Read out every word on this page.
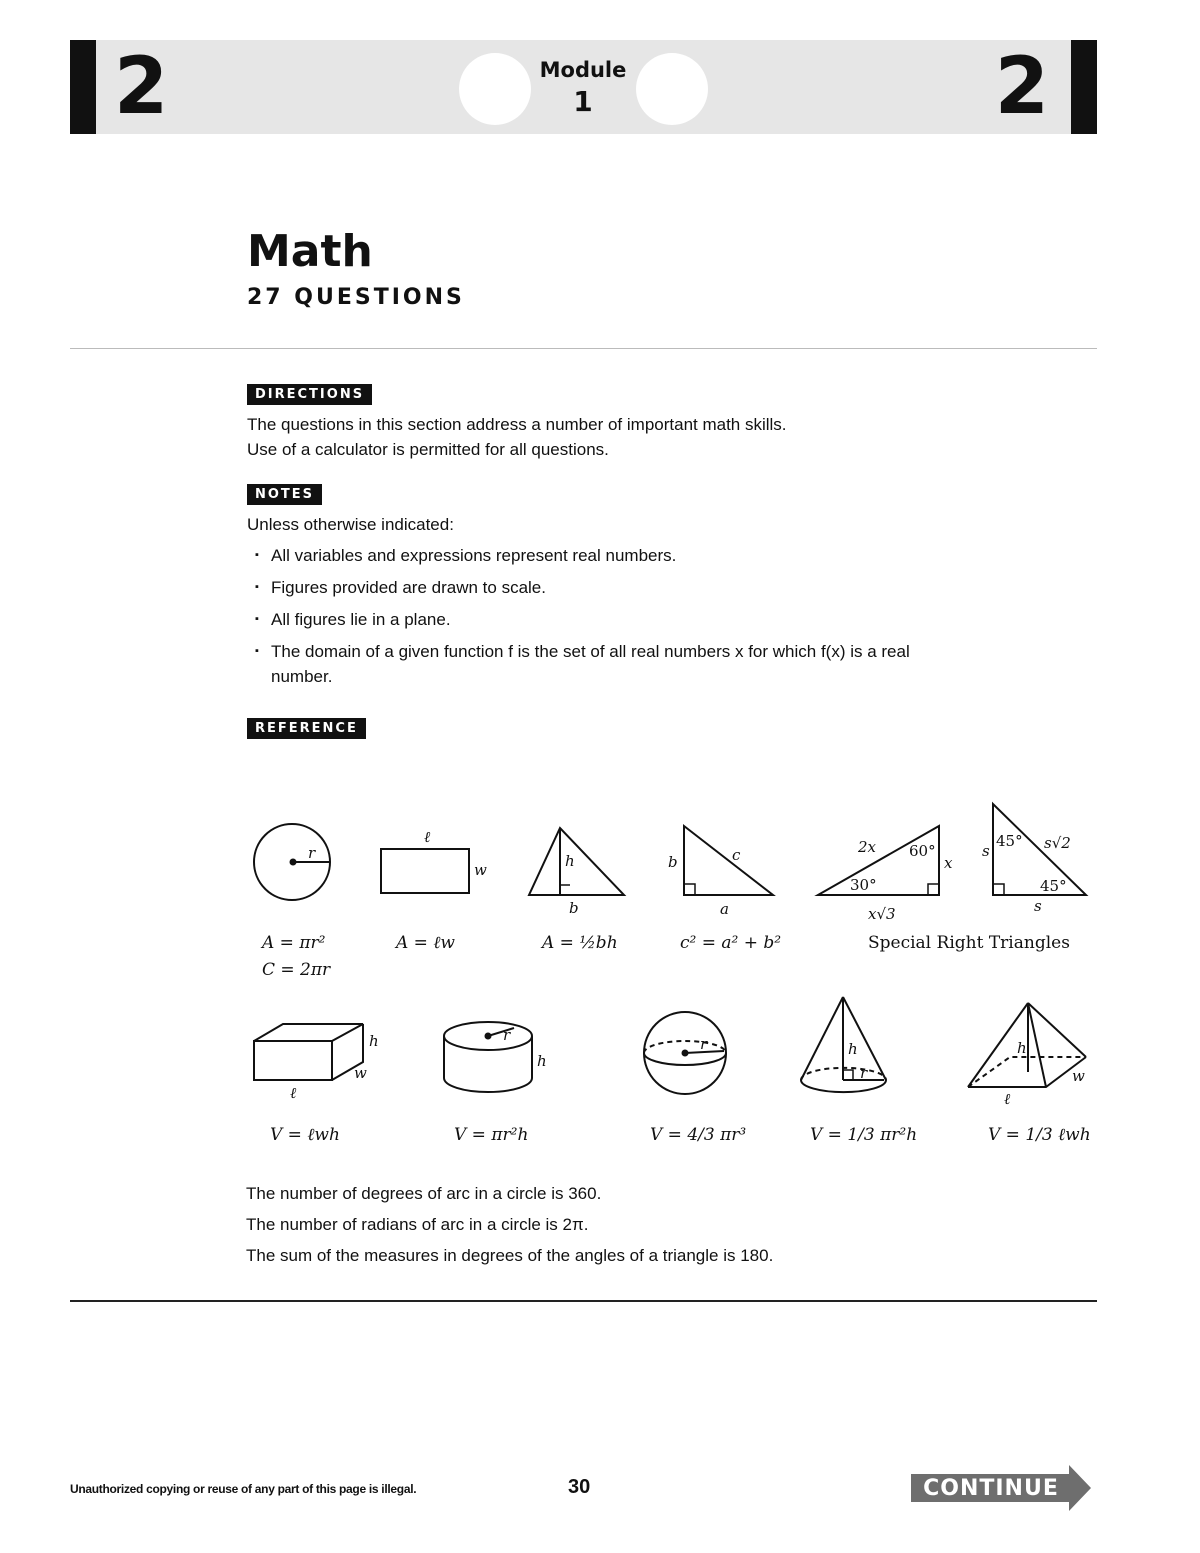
2	2
Module
1
Math
27 QUESTIONS
DIRECTIONS
The questions in this section address a number of important math skills.
Use of a calculator is permitted for all questions.
NOTES
Unless otherwise indicated:
▪ All variables and expressions represent real numbers.
▪ Figures provided are drawn to scale.
▪ All figures lie in a plane.
▪ The domain of a given function f is the set of all real numbers x for which f(x) is a real number.
REFERENCE
r
A = πr²
C = 2πr
ℓ
w
A = ℓw
h
b
A = ½bh
b	c
a
c² = a² + b²
2x 60°
30°
x
x√3
45° s√2
s
45°
s
Special Right Triangles
h
w
ℓ
V = ℓwh
r
h
V = πr²h
r
V = 4/3 πr³
h
r
V = 1/3 πr²h
h
w
ℓ
V = 1/3 ℓwh
The number of degrees of arc in a circle is 360.
The number of radians of arc in a circle is 2π.
The sum of the measures in degrees of the angles of a triangle is 180.
Unauthorized copying or reuse of any part of this page is illegal.	30	CONTINUE
